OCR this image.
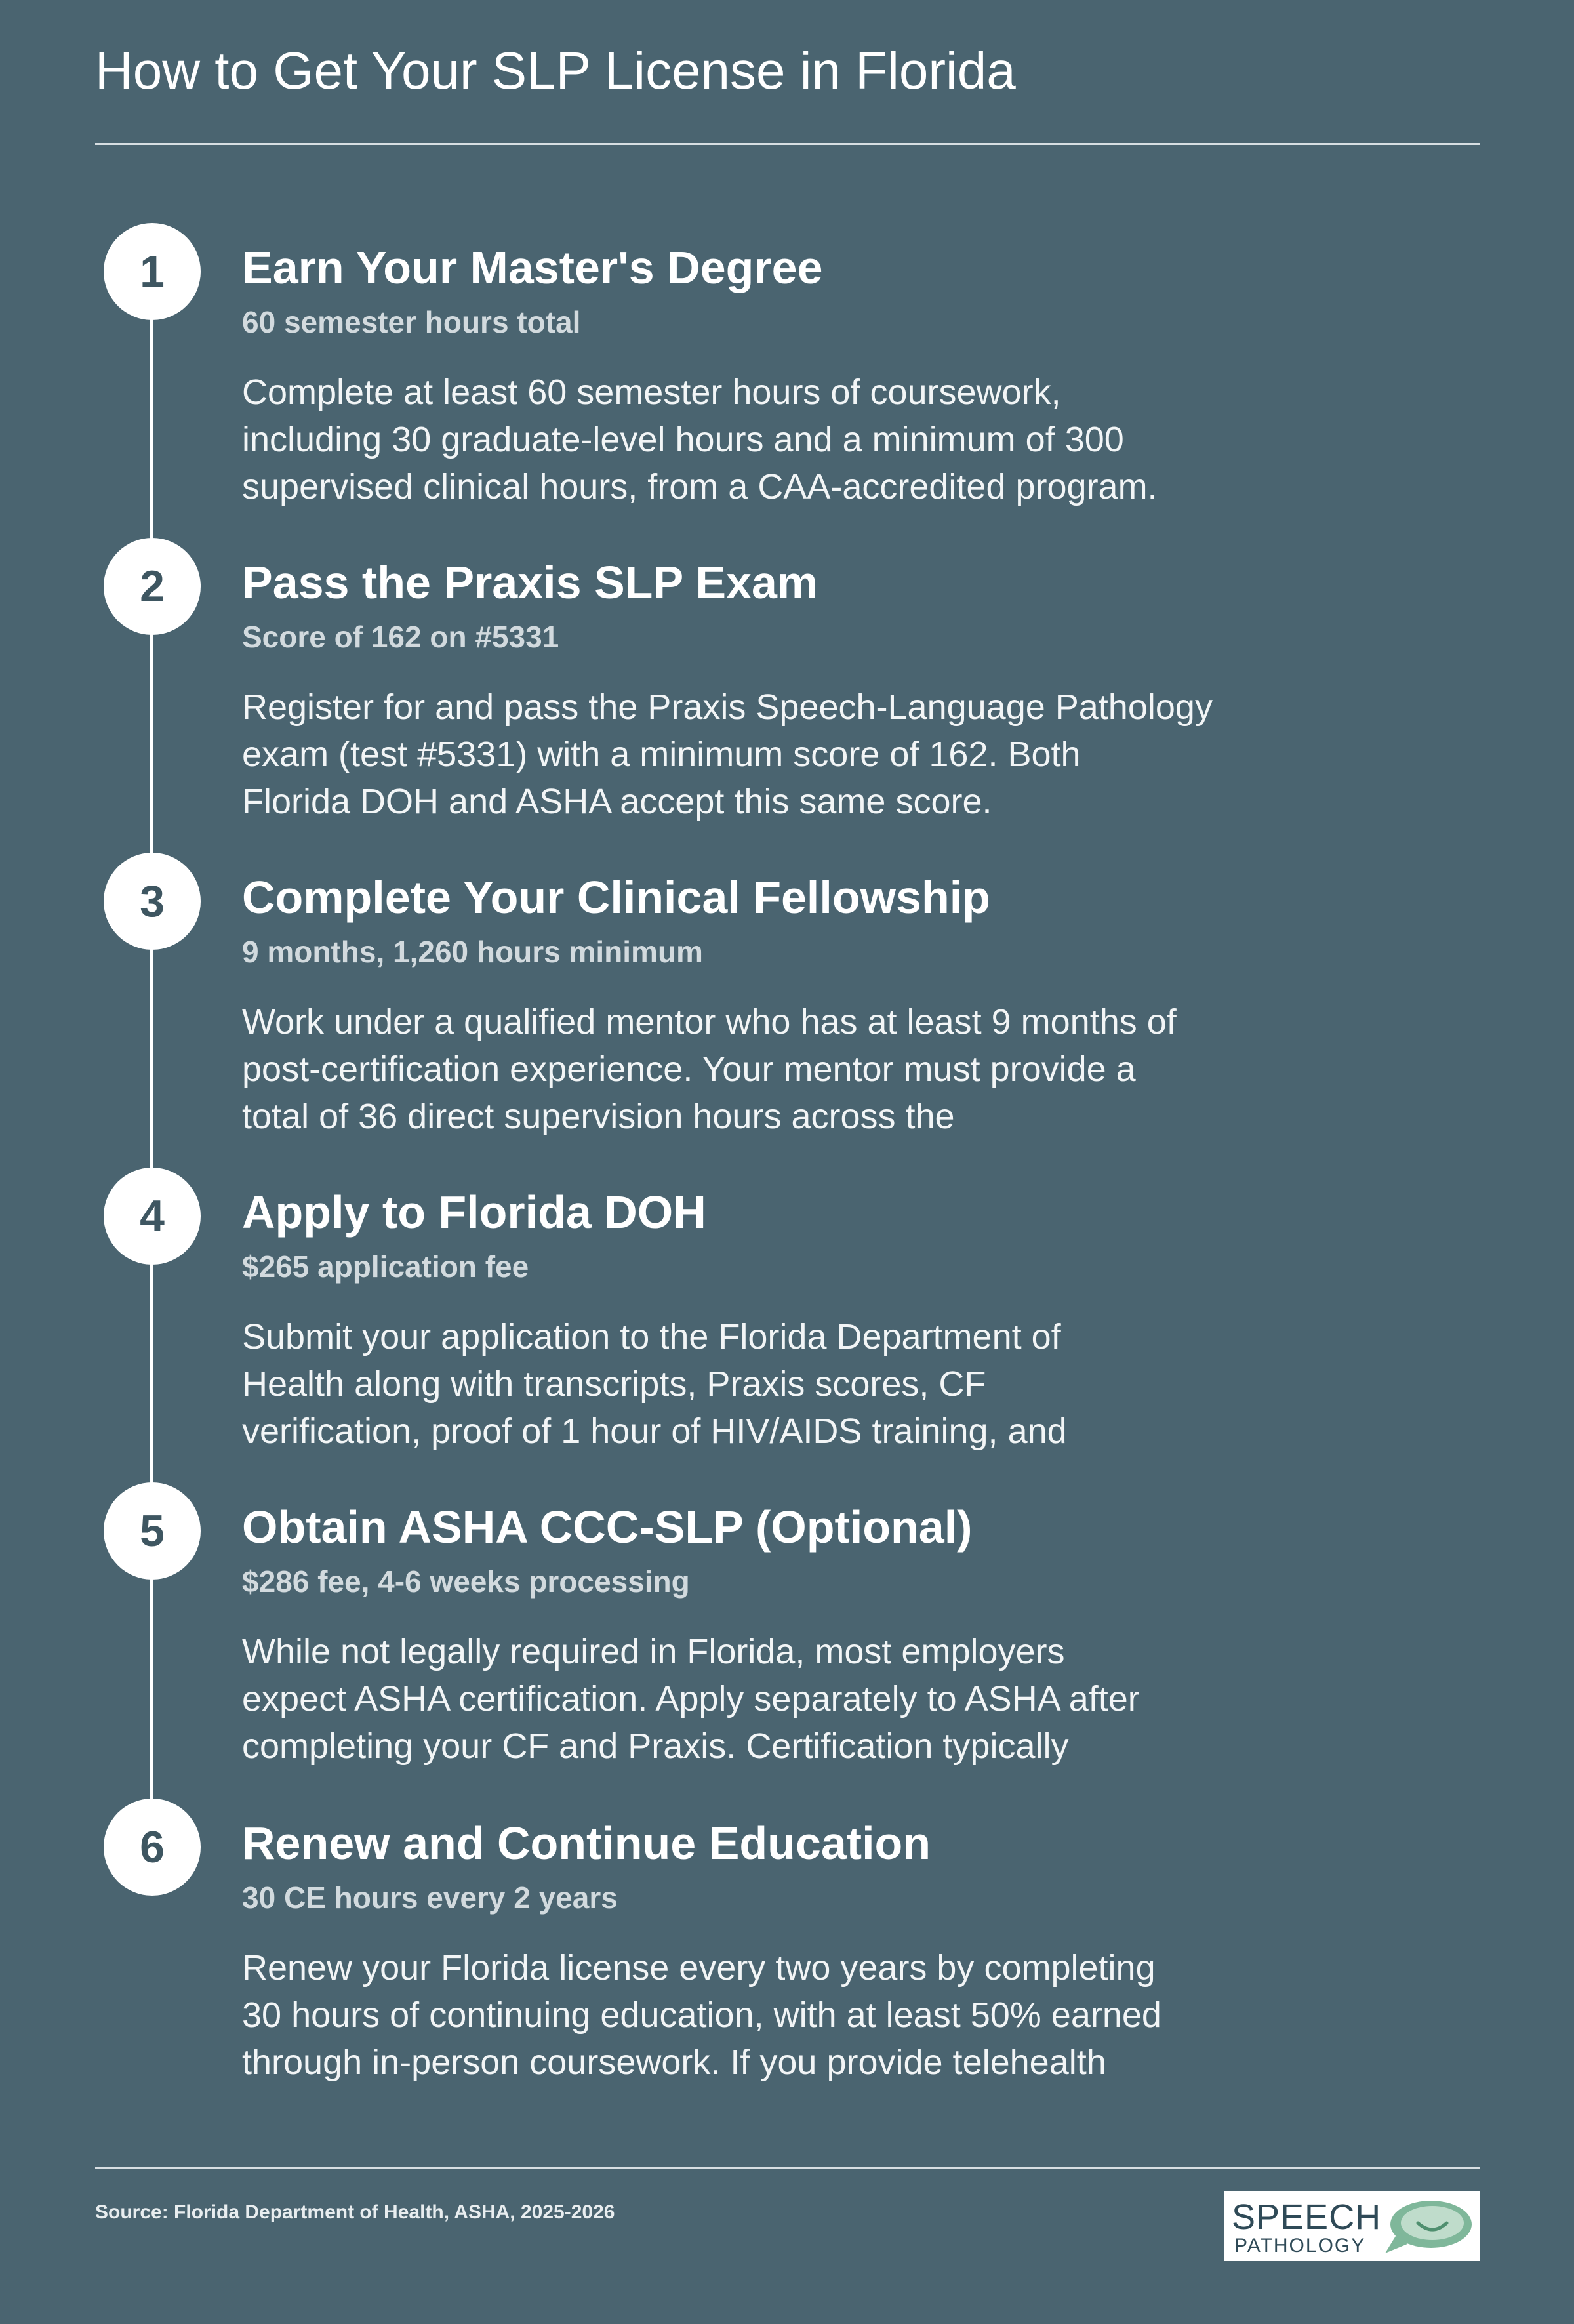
How to Get Your SLP License in Florida
1	Earn Your Master's Degree

60 semester hours total

Complete at least 60 semester hours of coursework,
including 30 graduate-level hours and a minimum of 300
supervised clinical hours, from a CAA-accredited program.

2	Pass the Praxis SLP Exam

Score of 162 on #5331

Register for and pass the Praxis Speech-Language Pathology
exam (test #5331) with a minimum score of 162. Both
Florida DOH and ASHA accept this same score.

3	Complete Your Clinical Fellowship

9 months, 1,260 hours minimum

Work under a qualified mentor who has at least 9 months of
post-certification experience. Your mentor must provide a
total of 36 direct supervision hours across the

4	Apply to Florida DOH

$265 application fee

Submit your application to the Florida Department of
Health along with transcripts, Praxis scores, CF
verification, proof of 1 hour of HIV/AIDS training, and

5	Obtain ASHA CCC-SLP (Optional)

$286 fee, 4-6 weeks processing

While not legally required in Florida, most employers
expect ASHA certification. Apply separately to ASHA after
completing your CF and Praxis. Certification typically

6	Renew and Continue Education

30 CE hours every 2 years

Renew your Florida license every two years by completing
30 hours of continuing education, with at least 50% earned
through in-person coursework. If you provide telehealth

Source: Florida Department of Health, ASHA, 2025-2026	SPEECH
PATHOLOGY
